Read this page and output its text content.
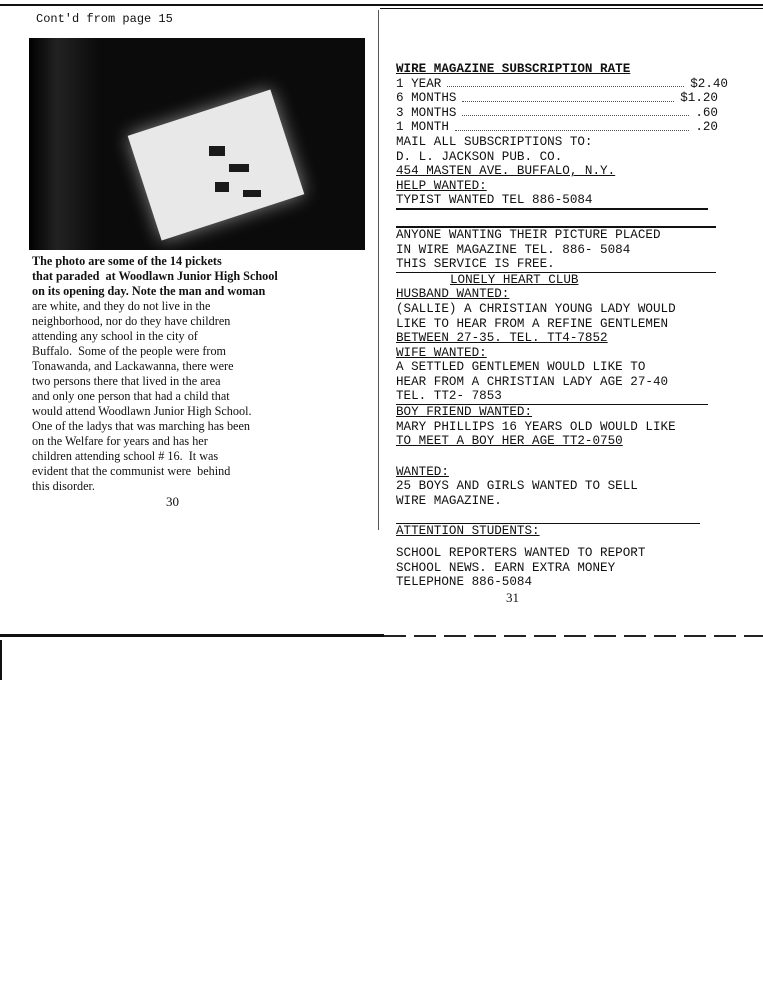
Cont'd from page 15
The photo are some of the 14 pickets
that paraded  at Woodlawn Junior High School
on its opening day. Note the man and woman
are white, and they do not live in the
neighborhood, nor do they have children
attending any school in the city of
Buffalo.  Some of the people were from
Tonawanda, and Lackawanna, there were
two persons there that lived in the area
and only one person that had a child that
would attend Woodlawn Junior High School.
One of the ladys that was marching has been
on the Welfare for years and has her
children attending school # 16.  It was
evident that the communist were  behind
this disorder.
30
WIRE MAGAZINE SUBSCRIPTION RATE
1 YEAR	$2.40
6 MONTHS	$1.20
3 MONTHS	.60
1 MONTH	.20
MAIL ALL SUBSCRIPTIONS TO:
D. L. JACKSON PUB. CO.
454 MASTEN AVE. BUFFALO, N.Y.
HELP WANTED:
TYPIST WANTED TEL 886-5084
ANYONE WANTING THEIR PICTURE PLACED
IN WIRE MAGAZINE TEL. 886- 5084
THIS SERVICE IS FREE.
LONELY HEART CLUB
HUSBAND WANTED:
(SALLIE) A CHRISTIAN YOUNG LADY WOULD
LIKE TO HEAR FROM A REFINE GENTLEMEN
BETWEEN 27-35. TEL. TT4-7852
WIFE WANTED:
A SETTLED GENTLEMEN WOULD LIKE TO
HEAR FROM A CHRISTIAN LADY AGE 27-40
TEL. TT2- 7853
BOY FRIEND WANTED:
MARY PHILLIPS 16 YEARS OLD WOULD LIKE
TO MEET A BOY HER AGE TT2-0750
WANTED:
25 BOYS AND GIRLS WANTED TO SELL
WIRE MAGAZINE.
ATTENTION STUDENTS:
SCHOOL REPORTERS WANTED TO REPORT
SCHOOL NEWS. EARN EXTRA MONEY
TELEPHONE 886-5084
31
